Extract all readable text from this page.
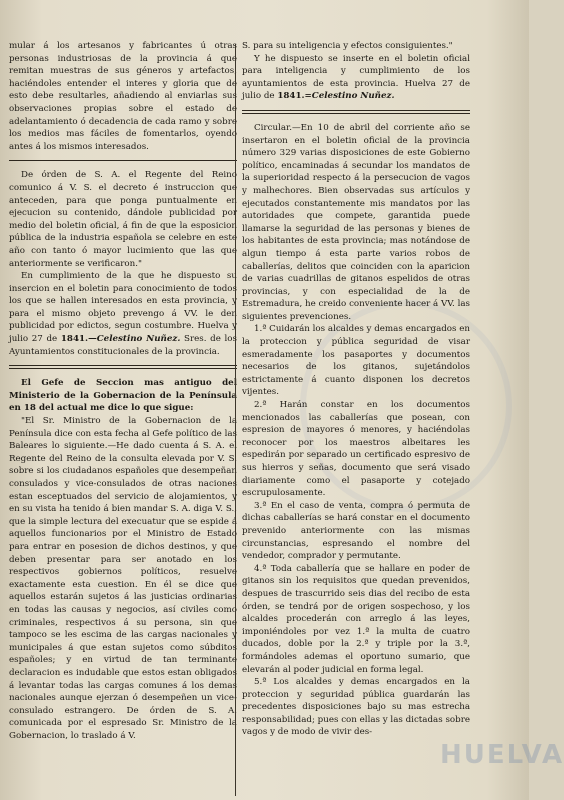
mular á los artesanos y fabricantes ú otras personas industriosas de la provincia á que remitan muestras de sus géneros y artefactos, haciéndoles entender el interes y gloria que de esto debe resultarles, añadiendo al enviarlas sus observaciones propias sobre el estado de adelantamiento ó decadencia de cada ramo y sobre los medios mas fáciles de fomentarlos, oyendo antes á los mismos interesados.

De órden de S. A. el Regente del Reino comunico á V. S. el decreto é instruccion que anteceden, para que ponga puntualmente en ejecucion su contenido, dándole publicidad por medio del boletin oficial, á fin de que la esposicion pública de la industria española se celebre en este año con tanto ó mayor lucimiento que las que anteriormente se verificaron."

En cumplimiento de la que he dispuesto su insercion en el boletin para conocimiento de todos los que se hallen interesados en esta provincia, y para el mismo objeto prevengo á VV. le den publicidad por edictos, segun costumbre. Huelva y julio 27 de 1841.—Celestino Nuñez. Sres. de los Ayuntamientos constitucionales de la provincia.

El Gefe de Seccion mas antiguo del Ministerio de la Gobernacion de la Península en 18 del actual me dice lo que sigue:

"El Sr. Ministro de la Gobernacion de la Península dice con esta fecha al Gefe político de las Baleares lo siguiente.—He dado cuenta á S. A. el Regente del Reino de la consulta elevada por V. S. sobre si los ciudadanos españoles que desempeñan consulados y vice-consulados de otras naciones estan esceptuados del servicio de alojamientos, y en su vista ha tenido á bien mandar S. A. diga V. S., que la simple lectura del execuatur que se espide á aquellos funcionarios por el Ministro de Estado para entrar en posesion de dichos destinos, y que deben presentar para ser anotado en los respectivos gobiernos políticos, resuelve exactamente esta cuestion. En él se dice que aquellos estarán sujetos á las justicias ordinarias en todas las causas y negocios, así civiles como criminales, respectivos á su persona, sin que tampoco se les escima de las cargas nacionales y municipales á que estan sujetos como súbditos españoles; y en virtud de tan terminante declaracion es indudable que estos estan obligados á levantar todas las cargas comunes á los demas nacionales aunque ejerzan ó desempeñen un vice-consulado estrangero. De órden de S. A. comunicada por el espresado Sr. Ministro de la Gobernacion, lo traslado á V.

S. para su inteligencia y efectos consiguientes."

Y he dispuesto se inserte en el boletin oficial para inteligencia y cumplimiento de los ayuntamientos de esta provincia. Huelva 27 de julio de 1841.=Celestino Nuñez.

Circular.—En 10 de abril del corriente año se insertaron en el boletin oficial de la provincia número 329 varias disposiciones de este Gobierno político, encaminadas á secundar los mandatos de la superioridad respecto á la persecucion de vagos y malhechores. Bien observadas sus artículos y ejecutados constantemente mis mandatos por las autoridades que compete, garantida puede llamarse la seguridad de las personas y bienes de los habitantes de esta provincia; mas notándose de algun tiempo á esta parte varios robos de caballerías, delitos que coinciden con la aparicion de varias cuadrillas de gitanos espelidos de otras provincias, y con especialidad de la de Estremadura, he creido conveniente hacer á VV. las siguientes prevenciones.

1.ª Cuidarán los alcaldes y demas encargados en la proteccion y pública seguridad de visar esmeradamente los pasaportes y documentos necesarios de los gitanos, sujetándolos estrictamente á cuanto disponen los decretos vijentes.

2.ª Harán constar en los documentos mencionados las caballerías que posean, con espresion de mayores ó menores, y haciéndolas reconocer por los maestros albeitares les espedirán por separado un certificado espresivo de sus hierros y señas, documento que será visado diariamente como el pasaporte y cotejado escrupulosamente.

3.ª En el caso de venta, compra ó permuta de dichas caballerías se hará constar en el documento prevenido anteriormente con las mismas circunstancias, espresando el nombre del vendedor, comprador y permutante.

4.ª Toda caballería que se hallare en poder de gitanos sin los requisitos que quedan prevenidos, despues de trascurrido seis dias del recibo de esta órden, se tendrá por de origen sospechoso, y los alcaldes procederán con arreglo á las leyes, imponiéndoles por vez 1.ª la multa de cuatro ducados, doble por la 2.ª y triple por la 3.ª, formándoles ademas el oportuno sumario, que elevarán al poder judicial en forma legal.

5.ª Los alcaldes y demas encargados en la proteccion y seguridad pública guardarán las precedentes disposiciones bajo su mas estrecha responsabilidad; pues con ellas y las dictadas sobre vagos y de modo de vivir des-

HUELVA
